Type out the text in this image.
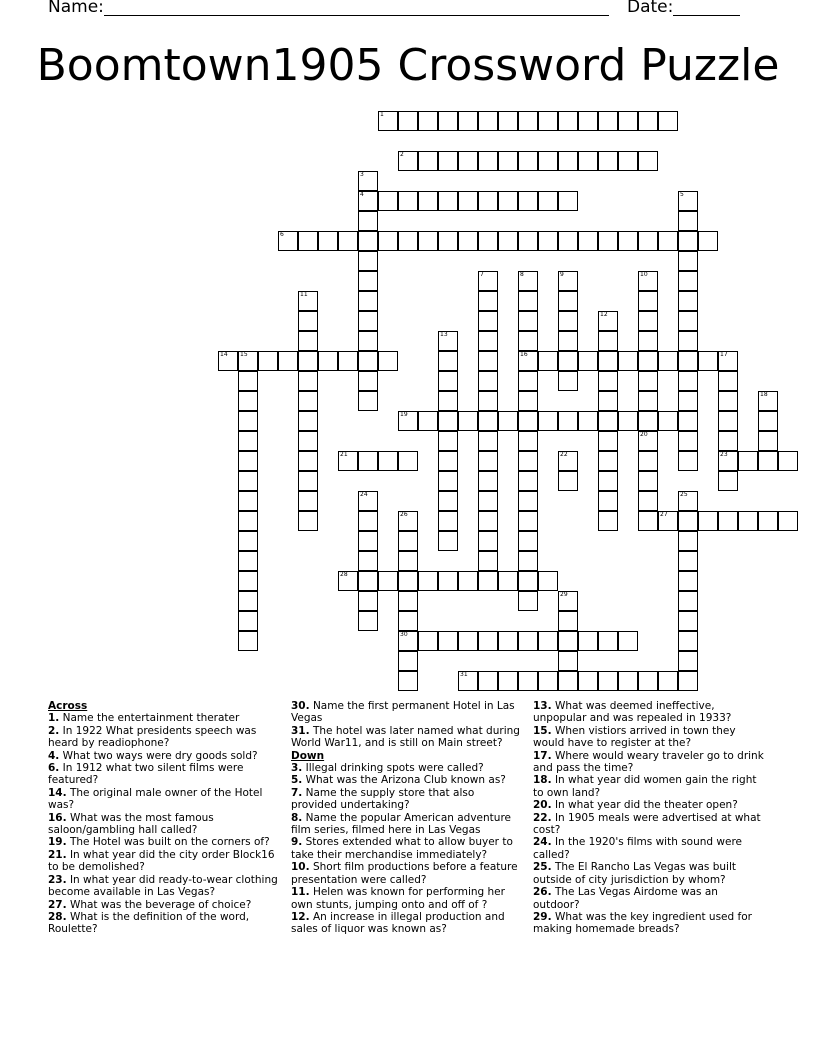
Name:	Date:
Boomtown1905 Crossword Puzzle
1
2
3
4	5
6
7	8
16
9	10
20
11
12
13
14 15	17
23
18
19
21	22
24	25
26
30
27
28
29
31
Across

1. Name the entertainment therater

2. In 1922 What presidents speech was heard by readiophone?

4. What two ways were dry goods sold?

6. In 1912 what two silent films were featured?

14. The original male owner of the Hotel was?

16. What was the most famous saloon/gambling hall called?

19. The Hotel was built on the corners of?

21. In what year did the city order Block16 to be demolished?

23. In what year did ready-to-wear clothing become available in Las Vegas?

27. What was the beverage of choice?

28. What is the definition of the word, Roulette?

30. Name the first permanent Hotel in Las Vegas

31. The hotel was later named what during World War11, and is still on Main street?

Down

3. Illegal drinking spots were called?

5. What was the Arizona Club known as?

7. Name the supply store that also provided undertaking?

8. Name the popular American adventure film series, filmed here in Las Vegas

9. Stores extended what to allow buyer to take their merchandise immediately?

10. Short film productions before a feature presentation were called?

11. Helen was known for performing her own stunts, jumping onto and off of ?

12. An increase in illegal production and sales of liquor was known as?

13. What was deemed ineffective, unpopular and was repealed in 1933?

15. When vistiors arrived in town they would have to register at the?

17. Where would weary traveler go to drink and pass the time?

18. In what year did women gain the right to own land?

20. In what year did the theater open?

22. In 1905 meals were advertised at what cost?

24. In the 1920's films with sound were called?

25. The El Rancho Las Vegas was built outside of city jurisdiction by whom?

26. The Las Vegas Airdome was an outdoor?

29. What was the key ingredient used for making homemade breads?
